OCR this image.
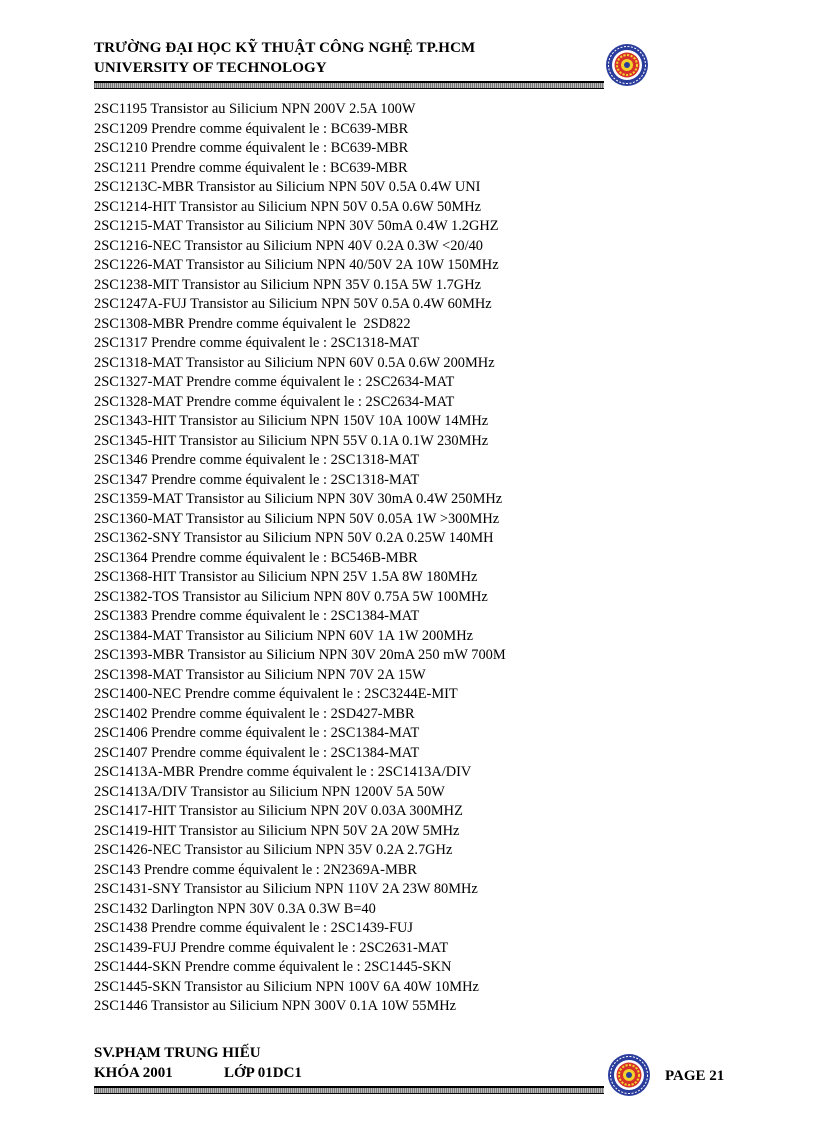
TRƯỜNG ĐẠI HỌC KỸ THUẬT CÔNG NGHỆ TP.HCM
UNIVERSITY OF TECHNOLOGY
2SC1195 Transistor au Silicium NPN 200V 2.5A 100W
2SC1209 Prendre comme équivalent le : BC639-MBR
2SC1210 Prendre comme équivalent le : BC639-MBR
2SC1211 Prendre comme équivalent le : BC639-MBR
2SC1213C-MBR Transistor au Silicium NPN 50V 0.5A 0.4W UNI
2SC1214-HIT Transistor au Silicium NPN 50V 0.5A 0.6W 50MHz
2SC1215-MAT Transistor au Silicium NPN 30V 50mA 0.4W 1.2GHZ
2SC1216-NEC Transistor au Silicium NPN 40V 0.2A 0.3W <20/40
2SC1226-MAT Transistor au Silicium NPN 40/50V 2A 10W 150MHz
2SC1238-MIT Transistor au Silicium NPN 35V 0.15A 5W 1.7GHz
2SC1247A-FUJ Transistor au Silicium NPN 50V 0.5A 0.4W 60MHz
2SC1308-MBR Prendre comme équivalent le  2SD822
2SC1317 Prendre comme équivalent le : 2SC1318-MAT
2SC1318-MAT Transistor au Silicium NPN 60V 0.5A 0.6W 200MHz
2SC1327-MAT Prendre comme équivalent le : 2SC2634-MAT
2SC1328-MAT Prendre comme équivalent le : 2SC2634-MAT
2SC1343-HIT Transistor au Silicium NPN 150V 10A 100W 14MHz
2SC1345-HIT Transistor au Silicium NPN 55V 0.1A 0.1W 230MHz
2SC1346 Prendre comme équivalent le : 2SC1318-MAT
2SC1347 Prendre comme équivalent le : 2SC1318-MAT
2SC1359-MAT Transistor au Silicium NPN 30V 30mA 0.4W 250MHz
2SC1360-MAT Transistor au Silicium NPN 50V 0.05A 1W >300MHz
2SC1362-SNY Transistor au Silicium NPN 50V 0.2A 0.25W 140MH
2SC1364 Prendre comme équivalent le : BC546B-MBR
2SC1368-HIT Transistor au Silicium NPN 25V 1.5A 8W 180MHz
2SC1382-TOS Transistor au Silicium NPN 80V 0.75A 5W 100MHz
2SC1383 Prendre comme équivalent le : 2SC1384-MAT
2SC1384-MAT Transistor au Silicium NPN 60V 1A 1W 200MHz
2SC1393-MBR Transistor au Silicium NPN 30V 20mA 250 mW 700M
2SC1398-MAT Transistor au Silicium NPN 70V 2A 15W
2SC1400-NEC Prendre comme équivalent le : 2SC3244E-MIT
2SC1402 Prendre comme équivalent le : 2SD427-MBR
2SC1406 Prendre comme équivalent le : 2SC1384-MAT
2SC1407 Prendre comme équivalent le : 2SC1384-MAT
2SC1413A-MBR Prendre comme équivalent le : 2SC1413A/DIV
2SC1413A/DIV Transistor au Silicium NPN 1200V 5A 50W
2SC1417-HIT Transistor au Silicium NPN 20V 0.03A 300MHZ
2SC1419-HIT Transistor au Silicium NPN 50V 2A 20W 5MHz
2SC1426-NEC Transistor au Silicium NPN 35V 0.2A 2.7GHz
2SC143 Prendre comme équivalent le : 2N2369A-MBR
2SC1431-SNY Transistor au Silicium NPN 110V 2A 23W 80MHz
2SC1432 Darlington NPN 30V 0.3A 0.3W B=40
2SC1438 Prendre comme équivalent le : 2SC1439-FUJ
2SC1439-FUJ Prendre comme équivalent le : 2SC2631-MAT
2SC1444-SKN Prendre comme équivalent le : 2SC1445-SKN
2SC1445-SKN Transistor au Silicium NPN 100V 6A 40W 10MHz
2SC1446 Transistor au Silicium NPN 300V 0.1A 10W 55MHz
SV.PHẠM TRUNG HIẾU
KHÓA 2001	LỚP 01DC1	PAGE 21
